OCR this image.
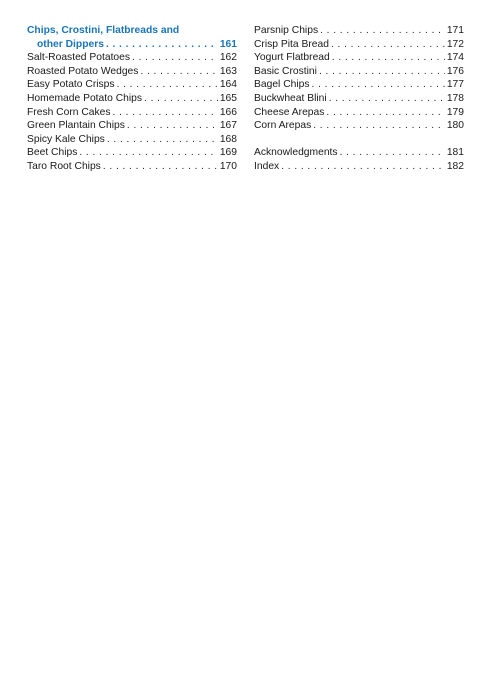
Chips, Crostini, Flatbreads and
other Dippers . . .	161
Salt-Roasted Potatoes . . .	162
Roasted Potato Wedges . . .	163
Easy Potato Crisps . . .	164
Homemade Potato Chips . . .	165
Fresh Corn Cakes . . .	166
Green Plantain Chips . . .	167
Spicy Kale Chips . . .	168
Beet Chips . . .	169
Taro Root Chips . . .	170
Parsnip Chips . . .	171
Crisp Pita Bread . . .	172
Yogurt Flatbread . . .	174
Basic Crostini . . .	176
Bagel Chips . . .	177
Buckwheat Blini . . .	178
Cheese Arepas . . .	179
Corn Arepas . . .	180
Acknowledgments . . .	181
Index . . .	182
